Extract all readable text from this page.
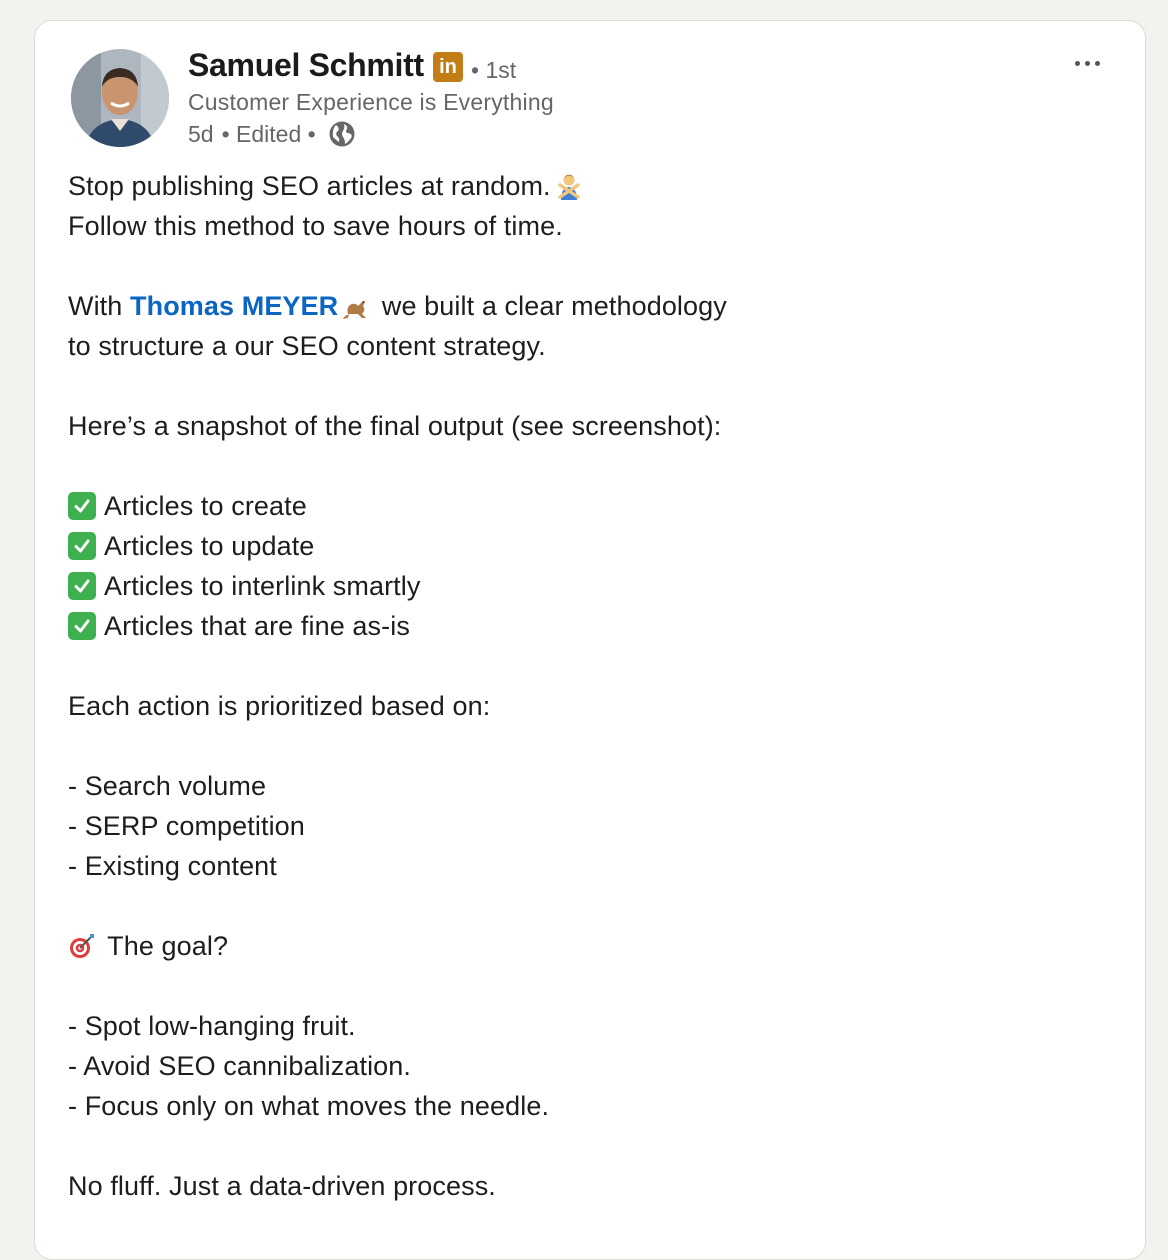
Samuel Schmitt in • 1st
Customer Experience is Everything
5d • Edited •
Stop publishing SEO articles at random.
Follow this method to save hours of time.
With Thomas MEYER we built a clear methodology
to structure a our SEO content strategy.
Here’s a snapshot of the final output (see screenshot):
Articles to create
Articles to update
Articles to interlink smartly
Articles that are fine as-is
Each action is prioritized based on:
- Search volume
- SERP competition
- Existing content
The goal?
- Spot low-hanging fruit.
- Avoid SEO cannibalization.
- Focus only on what moves the needle.
No fluff. Just a data-driven process.
